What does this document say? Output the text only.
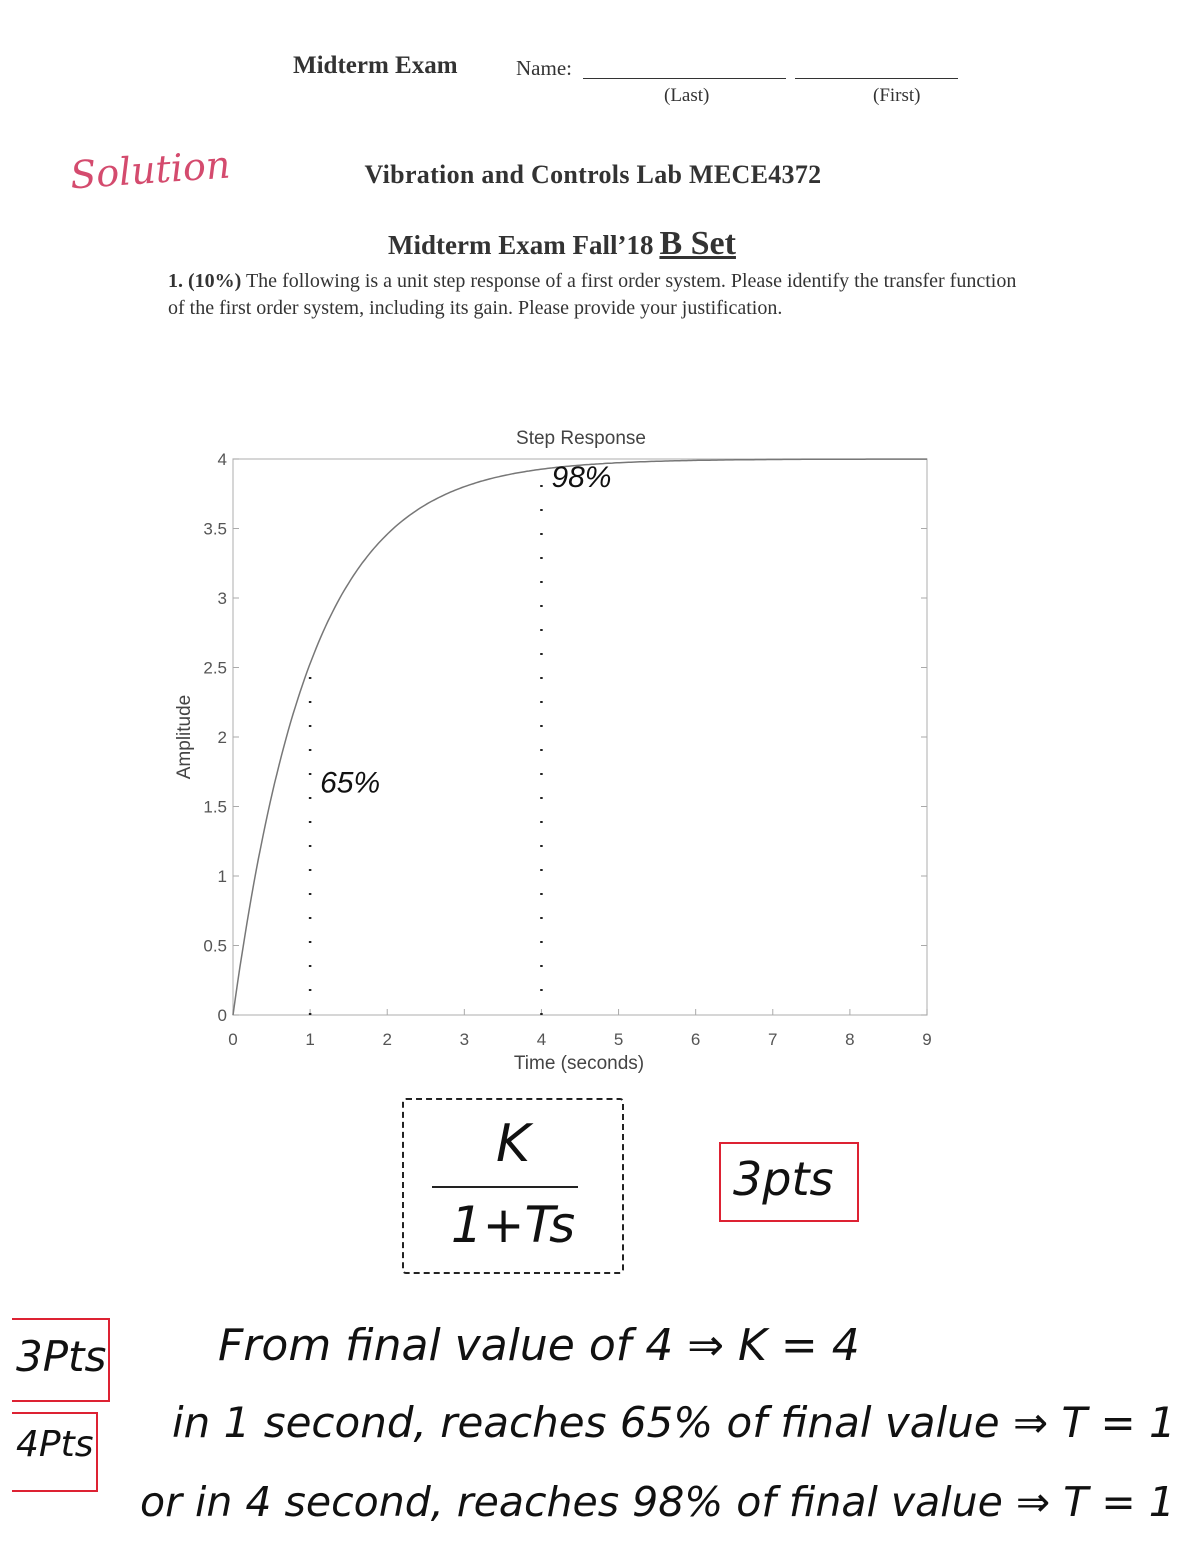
Midterm Exam	Name:
(Last)	(First)
Solution	Vibration and Controls Lab MECE4372
Midterm Exam Fall’18 B Set
1. (10%) The following is a unit step response of a first order system. Please identify the transfer function of the first order system, including its gain. Please provide your justification.
Step Response
0	1	2	3	4	5	6	7	8	9
0
0.5
1
1.5
2
2.5
3
3.5
4
65%
98%
Time (seconds)
Amplitude
K
1+Ts
3pts
3Pts
4Pts
From final value of 4 ⇒ K = 4
in 1 second, reaches 65% of final value ⇒ T = 1
or in 4 second, reaches 98% of final value ⇒ T = 1
